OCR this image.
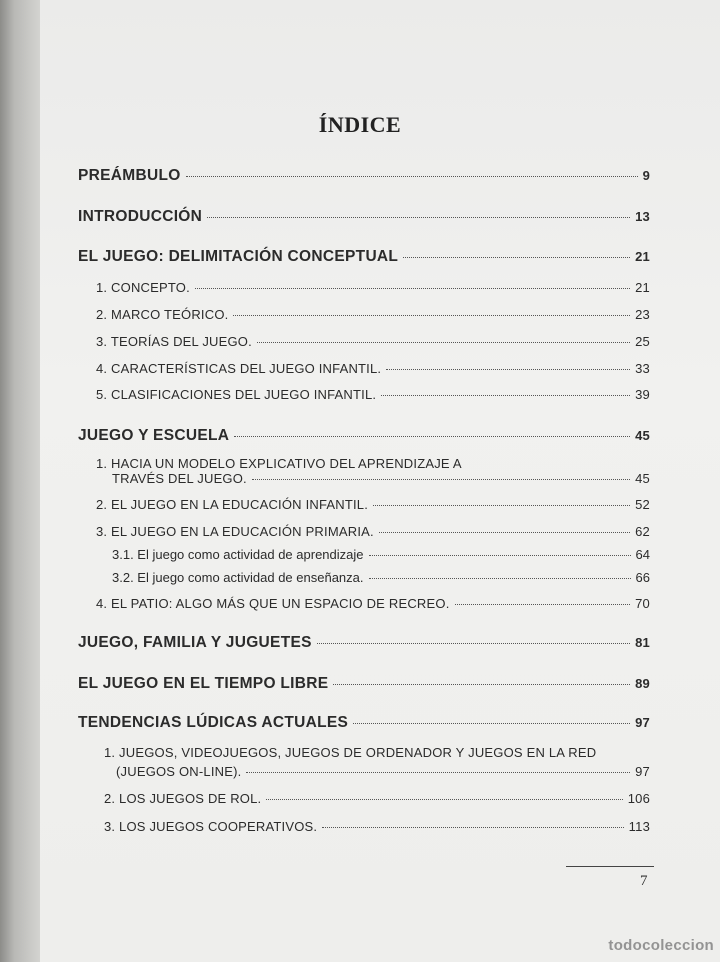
ÍNDICE
PREÁMBULO	9
INTRODUCCIÓN	13
EL JUEGO: DELIMITACIÓN CONCEPTUAL	21
1. CONCEPTO.	21
2. MARCO TEÓRICO.	23
3. TEORÍAS DEL JUEGO.	25
4. CARACTERÍSTICAS DEL JUEGO INFANTIL.	33
5. CLASIFICACIONES DEL JUEGO INFANTIL.	39
JUEGO Y ESCUELA	45
1. HACIA UN MODELO EXPLICATIVO DEL APRENDIZAJE A
TRAVÉS DEL JUEGO.	45
2. EL JUEGO EN LA EDUCACIÓN INFANTIL.	52
3. EL JUEGO EN LA EDUCACIÓN PRIMARIA.	62
3.1. El juego como actividad de aprendizaje	64
3.2. El juego como actividad de enseñanza.	66
4. EL PATIO: ALGO MÁS QUE UN ESPACIO DE RECREO.	70
JUEGO, FAMILIA Y JUGUETES	81
EL JUEGO EN EL TIEMPO LIBRE	89
TENDENCIAS LÚDICAS ACTUALES	97
1. JUEGOS, VIDEOJUEGOS, JUEGOS DE ORDENADOR Y JUEGOS EN LA RED
(JUEGOS ON-LINE).	97
2. LOS JUEGOS DE ROL.	106
3. LOS JUEGOS COOPERATIVOS.	113
7
todocoleccion
